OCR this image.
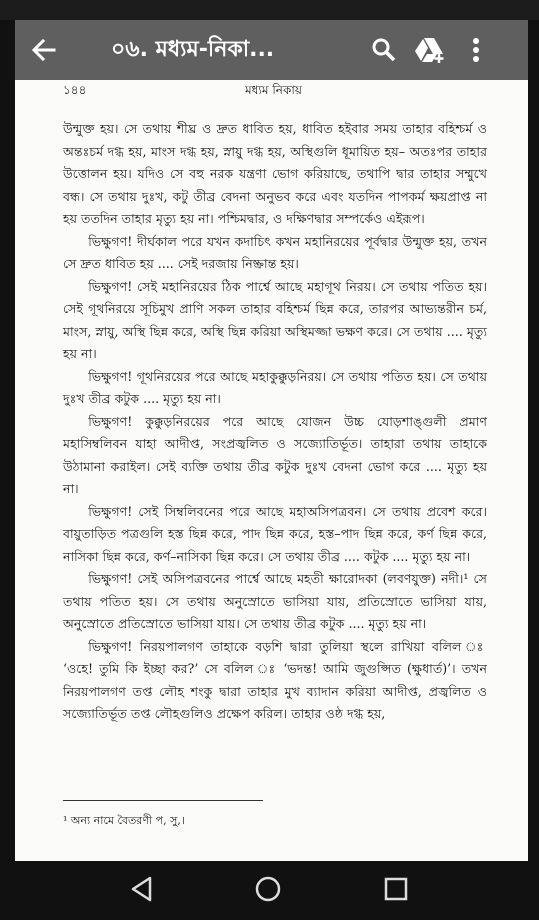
০৬. মধ্যম-নিকা...
১৪৪	মধ্যম নিকায়

উন্মুক্ত হয়। সে তথায় শীঘ্র ও দ্রুত ধাবিত হয়, ধাবিত হইবার সময় তাহার বহিশ্চর্ম ও অন্তঃচর্ম দগ্ধ হয়, মাংস দগ্ধ হয়, স্নায়ু দগ্ধ হয়, অস্থিগুলি ধূমায়িত হয়– অতঃপর তাহার উত্তোলন হয়। যদিও সে বহু নরক যন্ত্রণা ভোগ করিয়াছে, তথাপি দ্বার তাহার সম্মুখে বন্ধ। সে তথায় দুঃখ, কটু তীব্র বেদনা অনুভব করে এবং যতদিন পাপকর্ম ক্ষয়প্রাপ্ত না হয় ততদিন তাহার মৃত্যু হয় না। পশ্চিমদ্বার, ও দক্ষিণদ্বার সম্পর্কেও এইরূপ।

ভিক্ষুগণ! দীর্ঘকাল পরে যখন কদাচিৎ কখন মহানিরয়ের পূর্বদ্বার উন্মুক্ত হয়, তখন সে দ্রুত ধাবিত হয় .... সেই দরজায় নিষ্ক্রান্ত হয়।

ভিক্ষুগণ! সেই মহানিরয়ের ঠিক পার্শ্বে আছে মহাগূথ নিরয়। সে তথায় পতিত হয়। সেই গূথনিরয়ে সূচিমুখ প্রাণি সকল তাহার বহিশ্চর্ম ছিন্ন করে, তারপর আভ্যন্তরীন চর্ম, মাংস, স্নায়ু, অস্থি ছিন্ন করে, অস্থি ছিন্ন করিয়া অস্থিমজ্জা ভক্ষণ করে। সে তথায় .... মৃত্যু হয় না।

ভিক্ষুগণ! গূথনিরয়ের পরে আছে মহাকুক্কুড়নিরয়। সে তথায় পতিত হয়। সে তথায় দুঃখ তীব্র কটুক .... মৃত্যু হয় না।

ভিক্ষুগণ! কুক্কুড়নিরয়ের পরে আছে যোজন উচ্চ যোড়শাঙ্গুলী প্রমাণ মহাসিম্বলিবন যাহা আদীপ্ত, সংপ্রজ্বলিত ও সজ্যোতির্ভূত। তাহারা তথায় তাহাকে উঠামানা করাইল। সেই ব্যক্তি তথায় তীব্র কটুক দুঃখ বেদনা ভোগ করে .... মৃত্যু হয় না।

ভিক্ষুগণ! সেই সিম্বলিবনের পরে আছে মহাঅসিপত্রবন। সে তথায় প্রবেশ করে। বায়ুতাড়িত পত্রগুলি হস্ত ছিন্ন করে, পাদ ছিন্ন করে, হস্ত–পাদ ছিন্ন করে, কর্ণ ছিন্ন করে, নাসিকা ছিন্ন করে, কর্ণ–নাসিকা ছিন্ন করে। সে তথায় তীব্র .... কটুক .... মৃত্যু হয় না।

ভিক্ষুগণ! সেই অসিপত্রবনের পার্শ্বে আছে মহতী ক্ষারোদকা (লবণযুক্ত) নদী।¹ সে তথায় পতিত হয়। সে তথায় অনুস্রোতে ভাসিয়া যায়, প্রতিস্রোতে ভাসিয়া যায়, অনুস্রোতে প্রতিস্রোতে ভাসিয়া যায়। সে তথায় তীব্র কটুক .... মৃত্যু হয় না।

ভিক্ষুগণ! নিরয়পালগণ তাহাকে বড়শি দ্বারা তুলিয়া স্থলে রাখিয়া বলিল ঃ ‘ওহে! তুমি কি ইচ্ছা কর?’ সে বলিল ঃ ‘ভদন্ত! আমি জুগুপ্সিত (ক্ষুধার্ত)’। তখন নিরয়পালগণ তপ্ত লৌহ শংকু দ্বারা তাহার মুখ ব্যাদান করিয়া আদীপ্ত, প্রজ্বলিত ও সজ্যোতির্ভূত তপ্ত লৌহগুলিও প্রক্ষেপ করিল। তাহার ওষ্ঠ দগ্ধ হয়,

¹ অন্য নামে বৈতরণী প, সু,।
